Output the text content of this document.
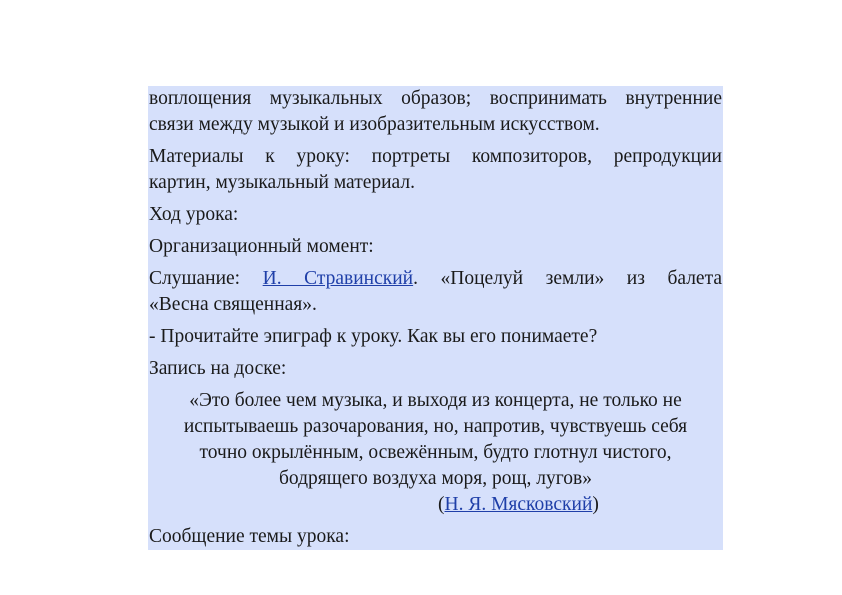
воплощения музыкальных образов; воспринимать внутренние
связи между музыкой и изобразительным искусством.
Материалы к уроку: портреты композиторов, репродукции
картин, музыкальный материал.
Ход урока:
Организационный момент:
Слушание: И. Стравинский. «Поцелуй земли» из балета
«Весна священная».
- Прочитайте эпиграф к уроку. Как вы его понимаете?
Запись на доске:
«Это более чем музыка, и выходя из концерта, не только не
испытываешь разочарования, но, напротив, чувствуешь себя
точно окрылённым, освежённым, будто глотнул чистого,
бодрящего воздуха моря, рощ, лугов»
(Н. Я. Мясковский)
Сообщение темы урока:
